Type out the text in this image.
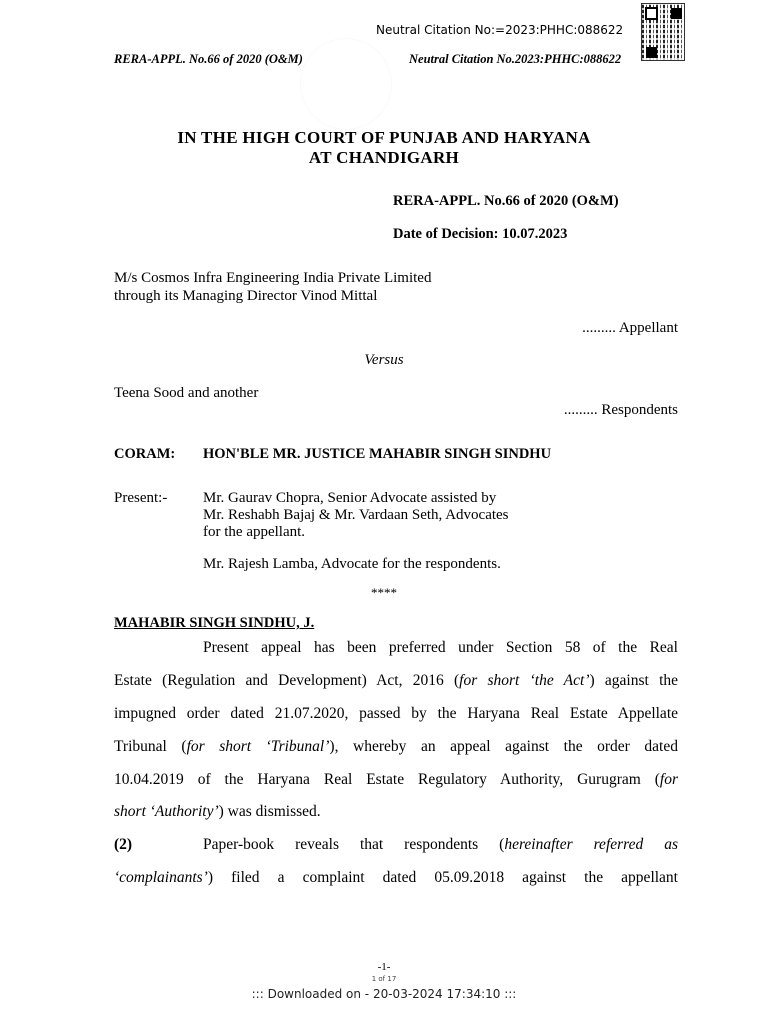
Neutral Citation No:=2023:PHHC:088622
RERA-APPL. No.66 of 2020 (O&M)	Neutral Citation No.2023:PHHC:088622
IN THE HIGH COURT OF PUNJAB AND HARYANA
AT CHANDIGARH
RERA-APPL. No.66 of 2020 (O&M)
Date of Decision: 10.07.2023
M/s Cosmos Infra Engineering India Private Limited
through its Managing Director Vinod Mittal
......... Appellant
Versus
Teena Sood and another
......... Respondents
CORAM: HON'BLE MR. JUSTICE MAHABIR SINGH SINDHU
Present:- Mr. Gaurav Chopra, Senior Advocate assisted by
Mr. Reshabh Bajaj & Mr. Vardaan Seth, Advocates
for the appellant.
Mr. Rajesh Lamba, Advocate for the respondents.
****
MAHABIR SINGH SINDHU, J.
Present appeal has been preferred under Section 58 of the Real
Estate (Regulation and Development) Act, 2016 (for short ‘the Act’) against the
impugned order dated 21.07.2020, passed by the Haryana Real Estate Appellate
Tribunal (for short ‘Tribunal’), whereby an appeal against the order dated
10.04.2019 of the Haryana Real Estate Regulatory Authority, Gurugram (for
short ‘Authority’) was dismissed.
(2)	Paper-book reveals that respondents (hereinafter referred as
‘complainants’) filed a complaint dated 05.09.2018 against the appellant
-1-
1 of 17
::: Downloaded on - 20-03-2024 17:34:10 :::
